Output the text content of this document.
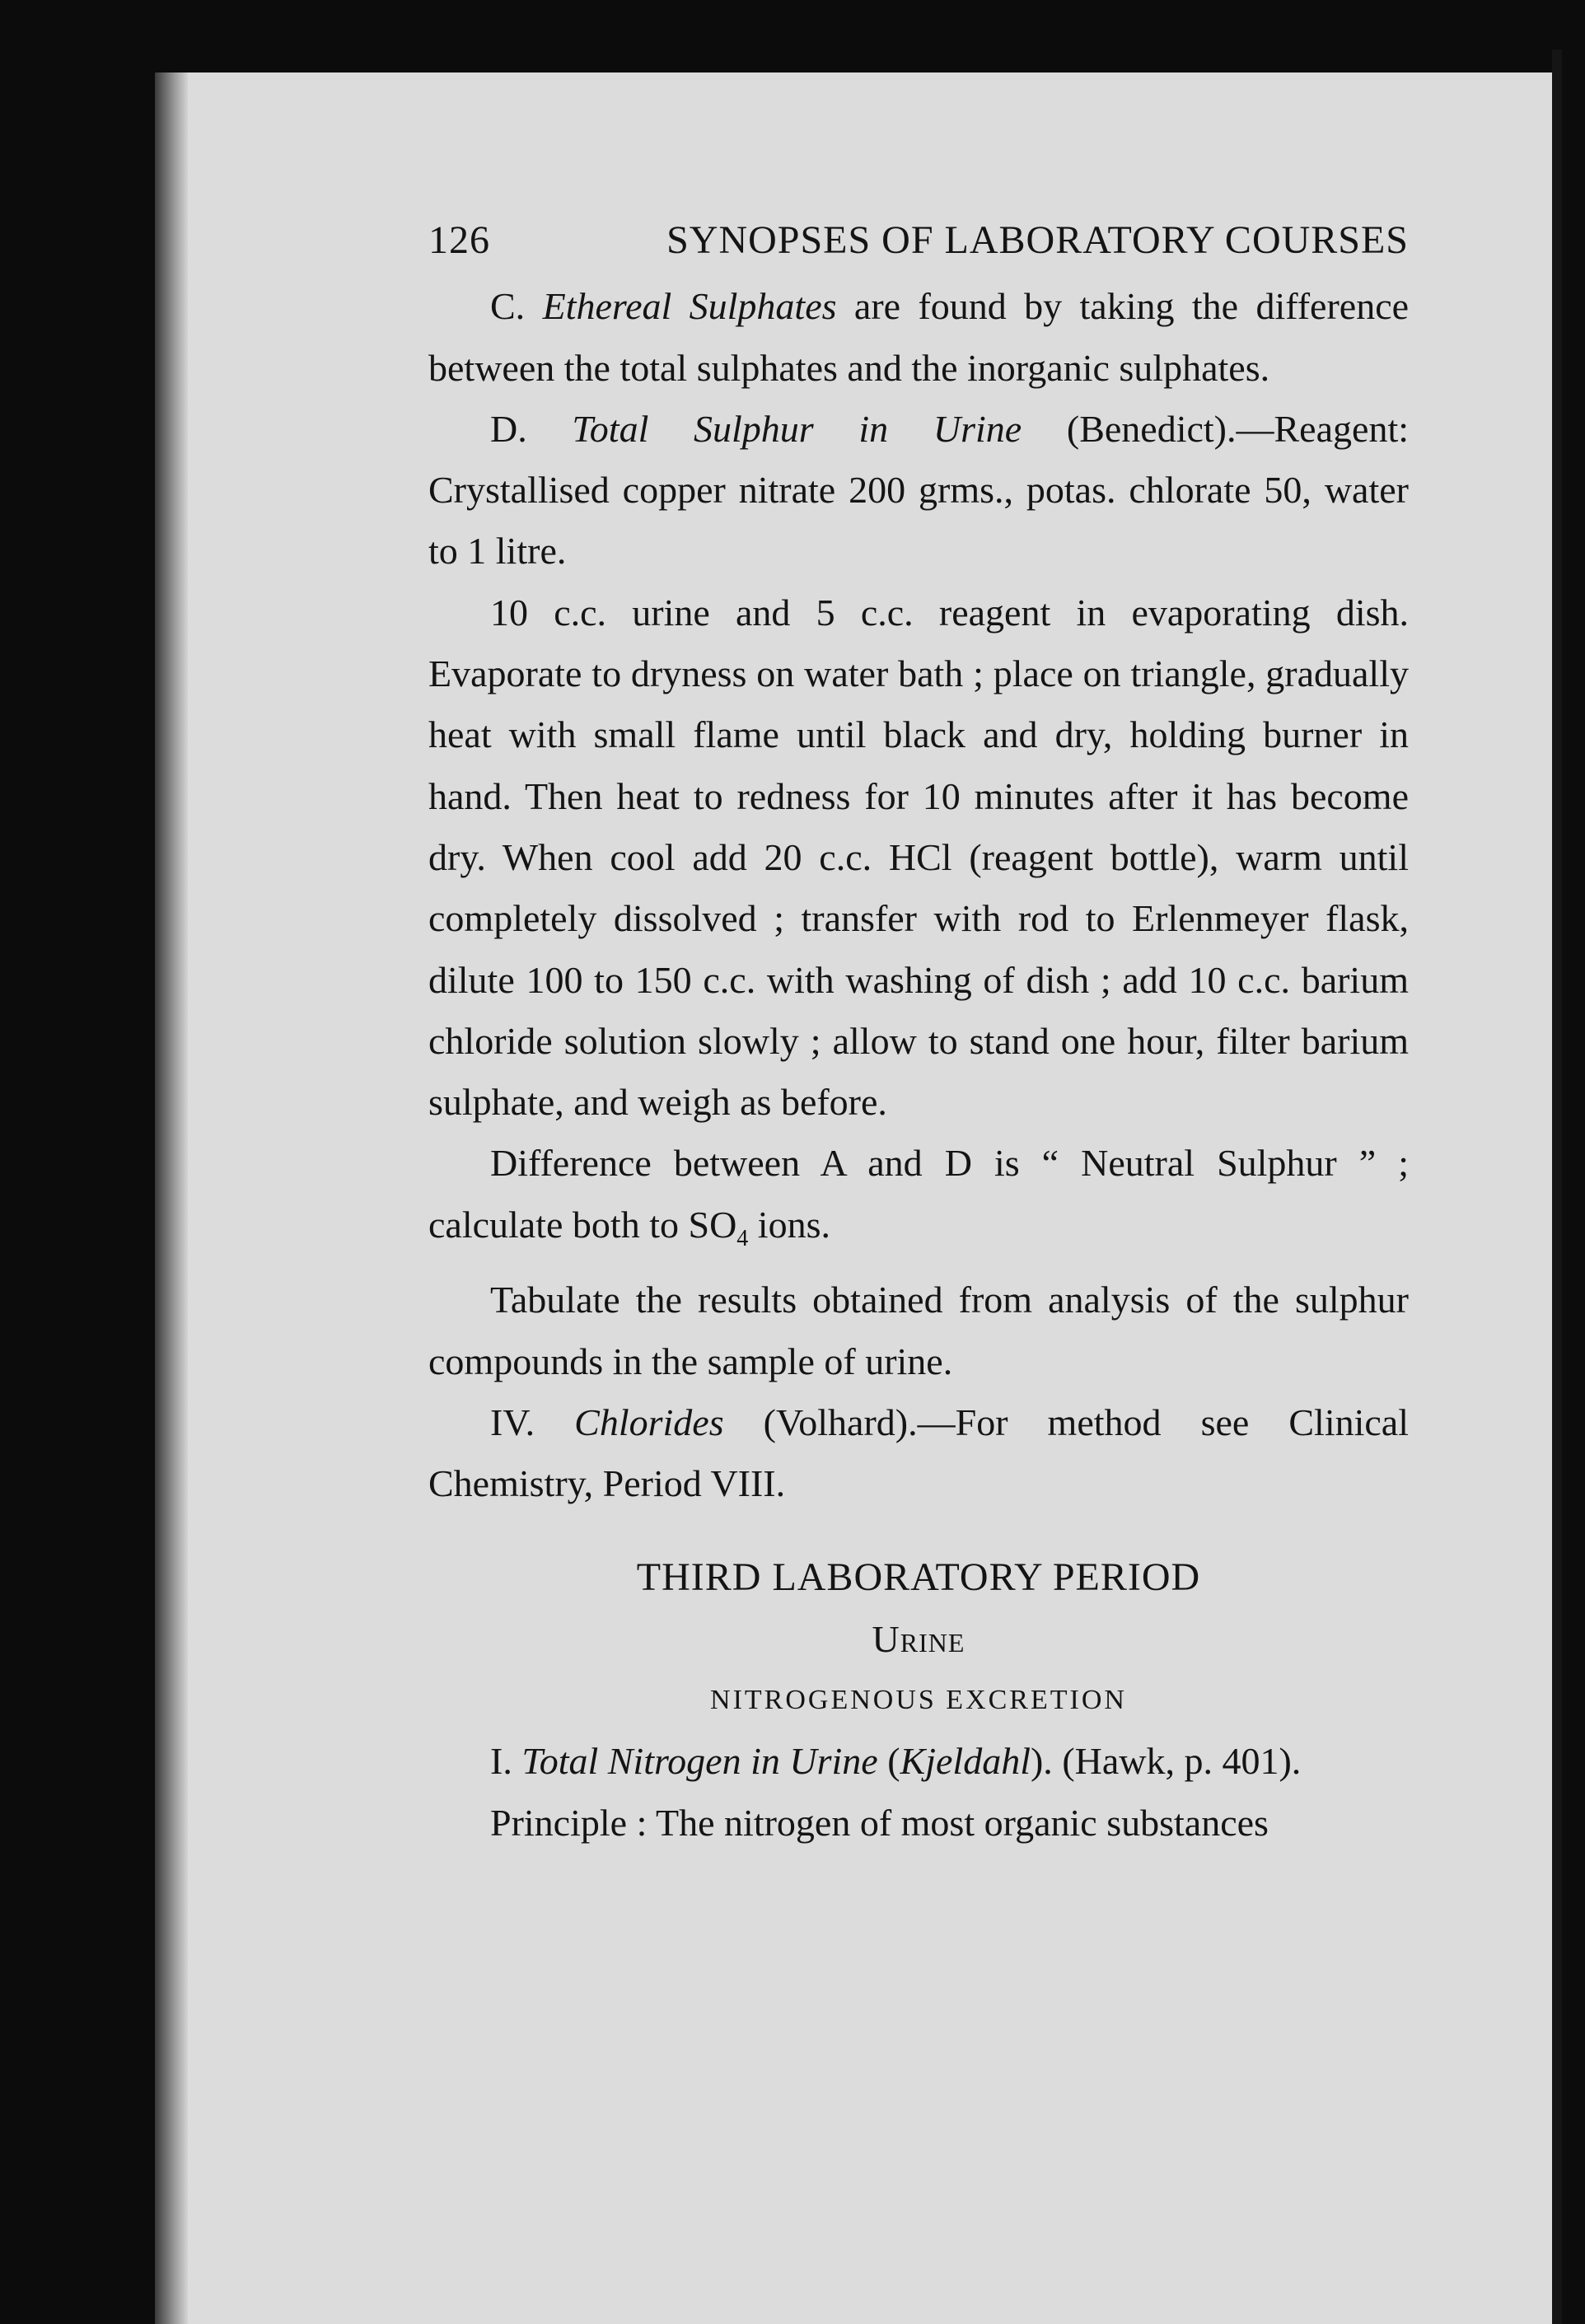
126	SYNOPSES OF LABORATORY COURSES

C. Ethereal Sulphates are found by taking the difference between the total sulphates and the inorganic sulphates.

D. Total Sulphur in Urine (Benedict).—Reagent: Crystallised copper nitrate 200 grms., potas. chlorate 50, water to 1 litre.

10 c.c. urine and 5 c.c. reagent in evaporating dish. Evaporate to dryness on water bath ; place on triangle, gradually heat with small flame until black and dry, holding burner in hand. Then heat to redness for 10 minutes after it has become dry. When cool add 20 c.c. HCl (reagent bottle), warm until completely dissolved ; transfer with rod to Erlenmeyer flask, dilute 100 to 150 c.c. with washing of dish ; add 10 c.c. barium chloride solution slowly ; allow to stand one hour, filter barium sulphate, and weigh as before.

Difference between A and D is “ Neutral Sulphur ” ; calculate both to $SO_4$ ions.

Tabulate the results obtained from analysis of the sulphur compounds in the sample of urine.

IV. Chlorides (Volhard).—For method see Clinical Chemistry, Period VIII.

THIRD LABORATORY PERIOD
Urine
NITROGENOUS EXCRETION

I. Total Nitrogen in Urine (Kjeldahl). (Hawk, p. 401).

Principle : The nitrogen of most organic substances
